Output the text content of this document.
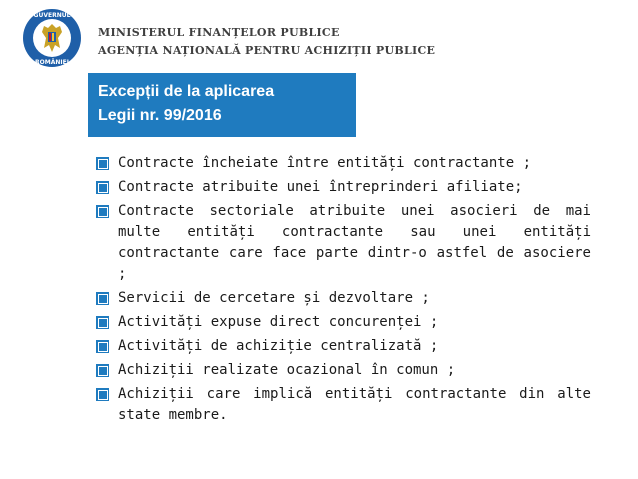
GUVERNUL
ROMÂNIEI
MINISTERUL FINANȚELOR PUBLICE
AGENȚIA NAȚIONALĂ PENTRU ACHIZIȚII PUBLICE
Excepții de la aplicarea
Legii nr. 99/2016
Contracte încheiate între entități contractante ;
Contracte atribuite unei întreprinderi afiliate;
Contracte sectoriale atribuite unei asocieri de mai multe entități contractante sau unei entități contractante care face parte dintr-o astfel de asociere ;
Servicii de cercetare și dezvoltare ;
Activități expuse direct concurenței ;
Activități de achiziție centralizată ;
Achiziții realizate ocazional în comun ;
Achiziții care implică entități contractante din alte state membre.
